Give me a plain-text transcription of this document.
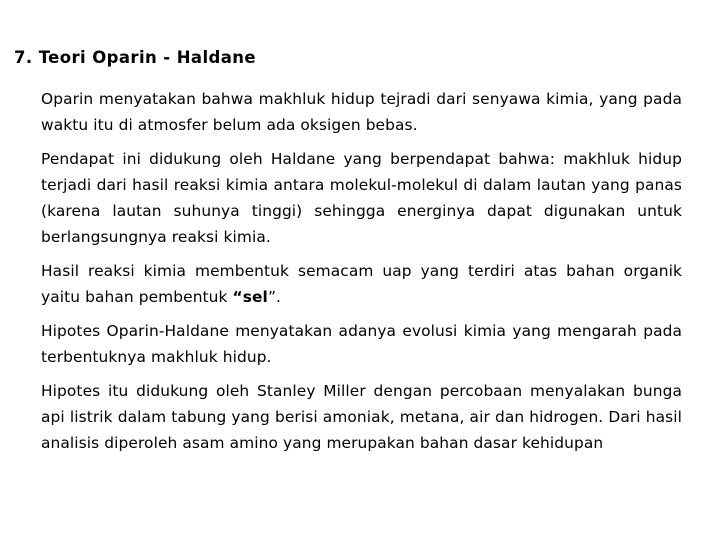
7. Teori Oparin - Haldane

Oparin menyatakan bahwa makhluk hidup tejradi dari senyawa kimia, yang pada waktu itu di atmosfer belum ada oksigen bebas.

Pendapat ini didukung oleh Haldane yang berpendapat bahwa: makhluk hidup terjadi dari hasil reaksi kimia antara molekul-molekul di dalam lautan yang panas (karena lautan suhunya tinggi) sehingga energinya dapat digunakan untuk berlangsungnya reaksi kimia.

Hasil reaksi kimia membentuk semacam uap yang terdiri atas bahan organik yaitu bahan pembentuk “sel”.

Hipotes Oparin-Haldane menyatakan adanya evolusi kimia yang mengarah pada terbentuknya makhluk hidup.

Hipotes itu didukung oleh Stanley Miller dengan percobaan menyalakan bunga api listrik dalam tabung yang berisi amoniak, metana, air dan hidrogen. Dari hasil analisis diperoleh asam amino yang merupakan bahan dasar kehidupan
